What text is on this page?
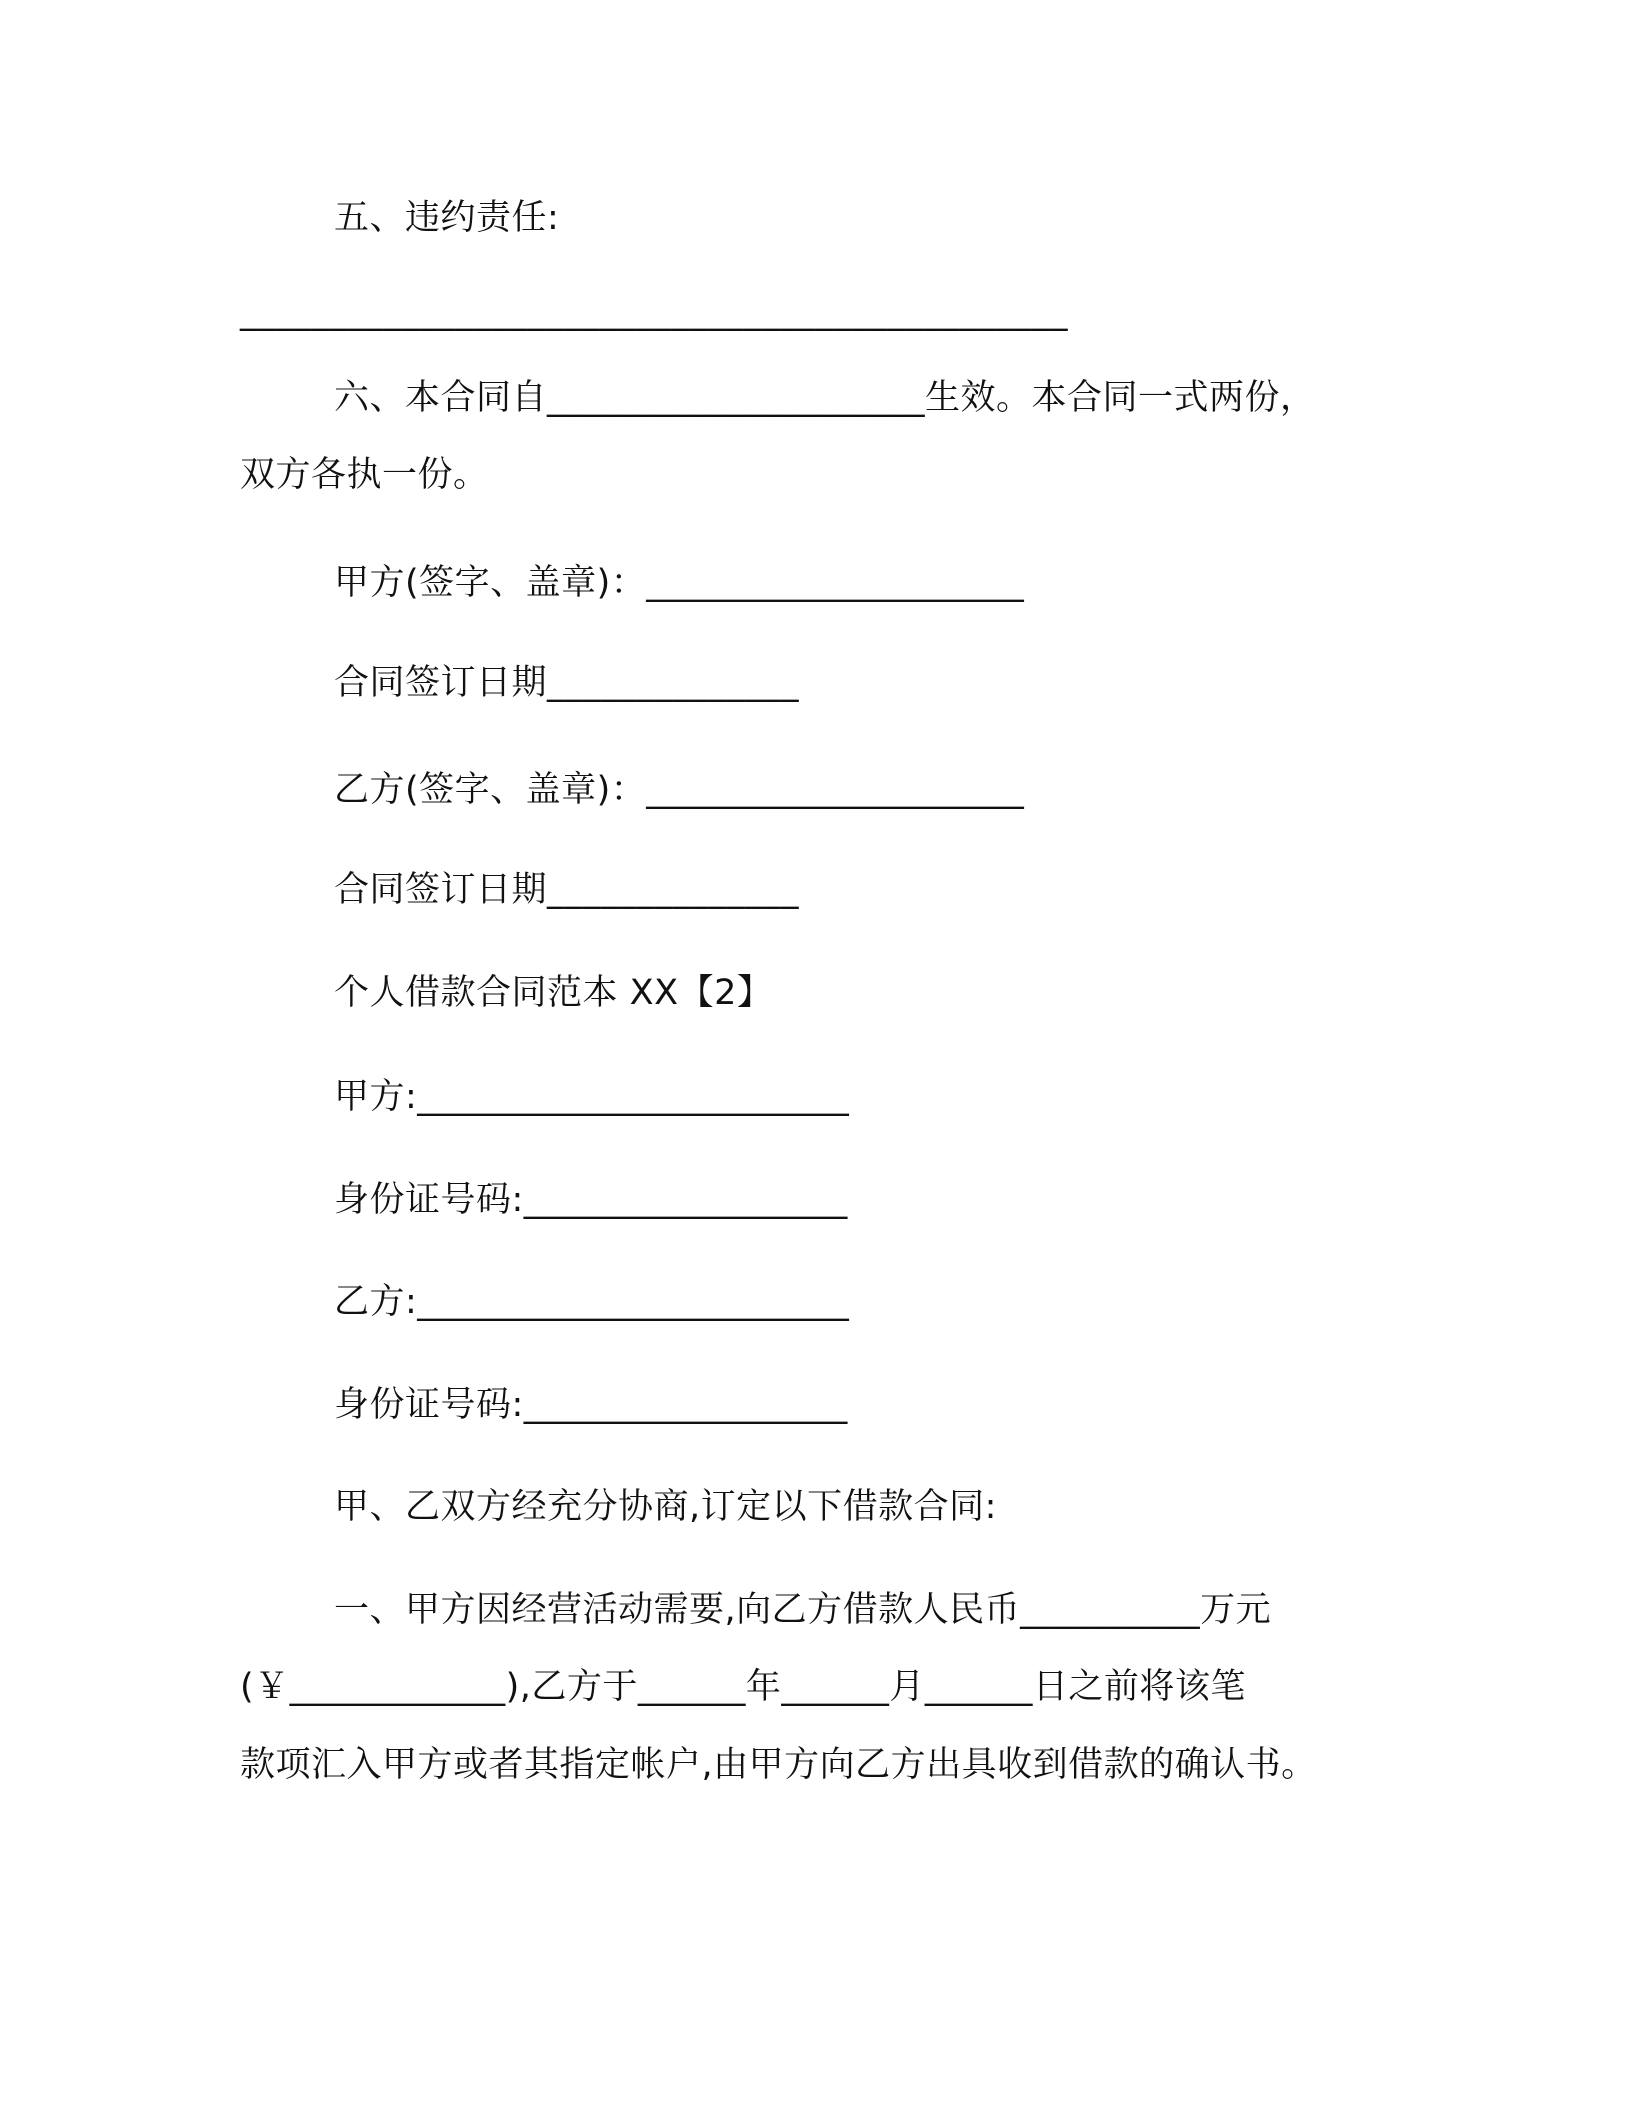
五、违约责任:
______________________________________________
六、本合同自_____________________生效。本合同一式两份，
双方各执一份。
甲方(签字、盖章)：_____________________
合同签订日期______________
乙方(签字、盖章)：_____________________
合同签订日期______________
个人借款合同范本 XX【2】
甲方:________________________
身份证号码:__________________
乙方:________________________
身份证号码:__________________
甲、乙双方经充分协商,订定以下借款合同:
一、甲方因经营活动需要,向乙方借款人民币__________万元
(￥____________),乙方于______年______月______日之前将该笔
款项汇入甲方或者其指定帐户,由甲方向乙方出具收到借款的确认书。
